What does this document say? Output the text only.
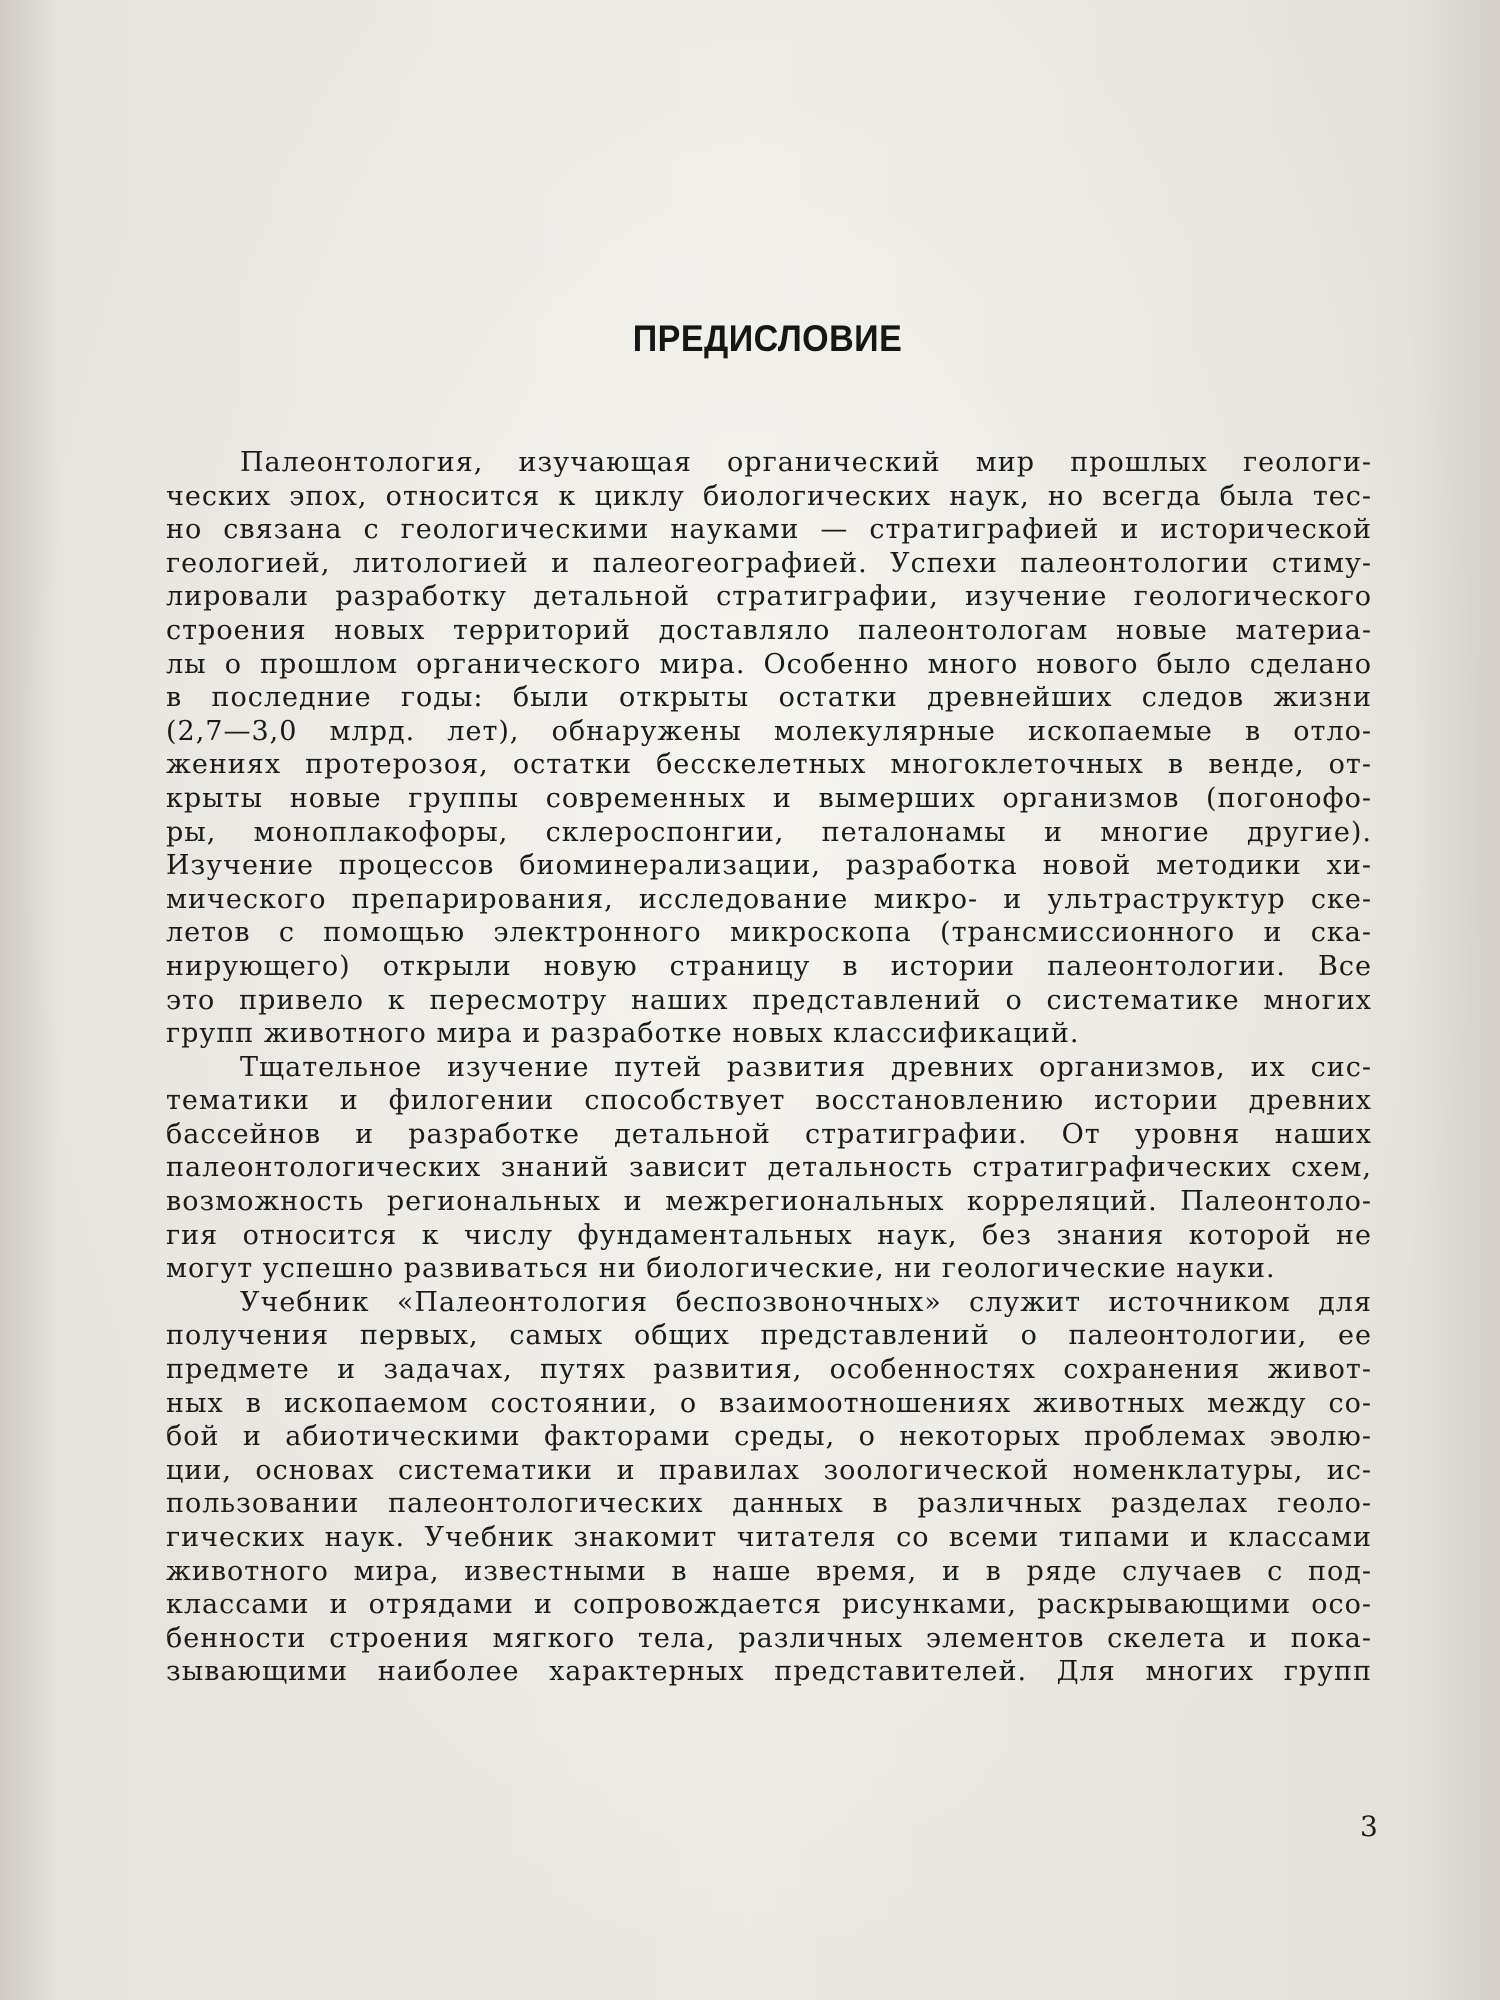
ПРЕДИСЛОВИЕ
Палеонтология, изучающая органический мир прошлых геологи-
ческих эпох, относится к циклу биологических наук, но всегда была тес-
но связана с геологическими науками — стратиграфией и исторической
геологией, литологией и палеогеографией. Успехи палеонтологии стиму-
лировали разработку детальной стратиграфии, изучение геологического
строения новых территорий доставляло палеонтологам новые материа-
лы о прошлом органического мира. Особенно много нового было сделано
в последние годы: были открыты остатки древнейших следов жизни
(2,7—3,0 млрд. лет), обнаружены молекулярные ископаемые в отло-
жениях протерозоя, остатки бесскелетных многоклеточных в венде, от-
крыты новые группы современных и вымерших организмов (погонофо-
ры, моноплакофоры, склероспонгии, петалонамы и многие другие).
Изучение процессов биоминерализации, разработка новой методики хи-
мического препарирования, исследование микро- и ультраструктур ске-
летов с помощью электронного микроскопа (трансмиссионного и ска-
нирующего) открыли новую страницу в истории палеонтологии. Все
это привело к пересмотру наших представлений о систематике многих
групп животного мира и разработке новых классификаций.
Тщательное изучение путей развития древних организмов, их сис-
тематики и филогении способствует восстановлению истории древних
бассейнов и разработке детальной стратиграфии. От уровня наших
палеонтологических знаний зависит детальность стратиграфических схем,
возможность региональных и межрегиональных корреляций. Палеонтоло-
гия относится к числу фундаментальных наук, без знания которой не
могут успешно развиваться ни биологические, ни геологические науки.
Учебник «Палеонтология беспозвоночных» служит источником для
получения первых, самых общих представлений о палеонтологии, ее
предмете и задачах, путях развития, особенностях сохранения живот-
ных в ископаемом состоянии, о взаимоотношениях животных между со-
бой и абиотическими факторами среды, о некоторых проблемах эволю-
ции, основах систематики и правилах зоологической номенклатуры, ис-
пользовании палеонтологических данных в различных разделах геоло-
гических наук. Учебник знакомит читателя со всеми типами и классами
животного мира, известными в наше время, и в ряде случаев с под-
классами и отрядами и сопровождается рисунками, раскрывающими осо-
бенности строения мягкого тела, различных элементов скелета и пока-
зывающими наиболее характерных представителей. Для многих групп
3
